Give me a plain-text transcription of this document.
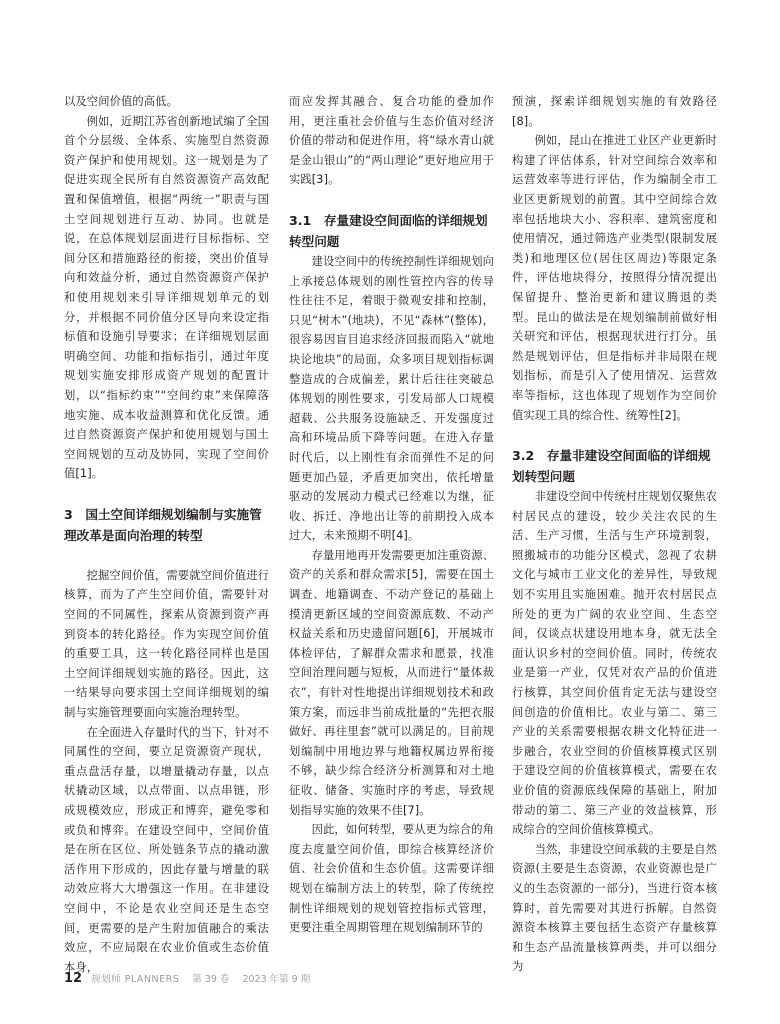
以及空间价值的高低。

例如，近期江苏省创新地试编了全国首个分层级、全体系、实施型自然资源资产保护和使用规划。这一规划是为了促进实现全民所有自然资源资产高效配置和保值增值，根据“两统一”职责与国土空间规划进行互动、协同。也就是说，在总体规划层面进行目标指标、空间分区和措施路径的衔接，突出价值导向和效益分析，通过自然资源资产保护和使用规划来引导详细规划单元的划分，并根据不同价值分区导向来设定指标值和设施引导要求；在详细规划层面明确空间、功能和指标指引，通过年度规划实施安排形成资产规划的配置计划，以“指标约束”“空间约束”来保障落地实施、成本收益测算和优化反馈。通过自然资源资产保护和使用规划与国土空间规划的互动及协同，实现了空间价值[1]。

3　国土空间详细规划编制与实施管理改革是面向治理的转型

挖掘空间价值，需要就空间价值进行核算，而为了产生空间价值，需要针对空间的不同属性，探索从资源到资产再到资本的转化路径。作为实现空间价值的重要工具，这一转化路径同样也是国土空间详细规划实施的路径。因此，这一结果导向要求国土空间详细规划的编制与实施管理要面向实施治理转型。

在全面进入存量时代的当下，针对不同属性的空间，要立足资源资产现状，重点盘活存量，以增量撬动存量，以点状撬动区域，以点带面、以点串链，形成规模效应，形成正和博弈，避免零和或负和博弈。在建设空间中，空间价值是在所在区位、所处链条节点的撬动激活作用下形成的，因此存量与增量的联动效应将大大增强这一作用。在非建设空间中，不论是农业空间还是生态空间，更需要的是产生附加值融合的乘法效应，不应局限在农业价值或生态价值本身，

而应发挥其融合、复合功能的叠加作用，更注重社会价值与生态价值对经济价值的带动和促进作用，将“绿水青山就是金山银山”的“两山理论”更好地应用于实践[3]。

3.1　存量建设空间面临的详细规划转型问题

建设空间中的传统控制性详细规划向上承接总体规划的刚性管控内容的传导性往往不足，着眼于微观安排和控制，只见“树木”(地块)，不见“森林”(整体)，很容易因盲目追求经济回报而陷入“就地块论地块”的局面，众多项目规划指标调整造成的合成偏差，累计后往往突破总体规划的刚性要求，引发局部人口规模超载、公共服务设施缺乏、开发强度过高和环境品质下降等问题。在进入存量时代后，以上刚性有余而弹性不足的问题更加凸显，矛盾更加突出，依托增量驱动的发展动力模式已经难以为继，征收、拆迁、净地出让等的前期投入成本过大，未来预期不明[4]。

存量用地再开发需要更加注重资源、资产的关系和群众需求[5]，需要在国土调查、地籍调查、不动产登记的基础上摸清更新区域的空间资源底数、不动产权益关系和历史遗留问题[6]，开展城市体检评估，了解群众需求和愿景，找准空间治理问题与短板，从而进行“量体裁衣”，有针对性地提出详细规划技术和政策方案，而远非当前成批量的“先把衣服做好、再往里套”就可以满足的。目前规划编制中用地边界与地籍权属边界衔接不够，缺少综合经济分析测算和对土地征收、储备、实施时序的考虑，导致规划指导实施的效果不佳[7]。

因此，如何转型，要从更为综合的角度去度量空间价值，即综合核算经济价值、社会价值和生态价值。这需要详细规划在编制方法上的转型，除了传统控制性详细规划的规划管控指标式管理，更要注重全周期管理在规划编制环节的

预演，探索详细规划实施的有效路径[8]。

例如，昆山在推进工业区产业更新时构建了评估体系，针对空间综合效率和运营效率等进行评估，作为编制全市工业区更新规划的前置。其中空间综合效率包括地块大小、容积率、建筑密度和使用情况，通过筛选产业类型(限制发展类)和地理区位(居住区周边)等限定条件，评估地块得分，按照得分情况提出保留提升、整治更新和建议腾退的类型。昆山的做法是在规划编制前做好相关研究和评估，根据现状进行打分。虽然是规划评估，但是指标并非局限在规划指标，而是引入了使用情况、运营效率等指标，这也体现了规划作为空间价值实现工具的综合性、统筹性[2]。

3.2　存量非建设空间面临的详细规划转型问题

非建设空间中传统村庄规划仅聚焦农村居民点的建设，较少关注农民的生活、生产习惯，生活与生产环境割裂，照搬城市的功能分区模式，忽视了农耕文化与城市工业文化的差异性，导致规划不实用且实施困难。抛开农村居民点所处的更为广阔的农业空间、生态空间，仅谈点状建设用地本身，就无法全面认识乡村的空间价值。同时，传统农业是第一产业，仅凭对农产品的价值进行核算，其空间价值肯定无法与建设空间创造的价值相比。农业与第二、第三产业的关系需要根据农耕文化特征进一步融合，农业空间的价值核算模式区别于建设空间的价值核算模式，需要在农业价值的资源底线保障的基础上，附加带动的第二、第三产业的效益核算，形成综合的空间价值核算模式。

当然，非建设空间承载的主要是自然资源(主要是生态资源，农业资源也是广义的生态资源的一部分)，当进行资本核算时，首先需要对其进行拆解。自然资源资本核算主要包括生态资产存量核算和生态产品流量核算两类，并可以细分为

12 规划师 PLANNERS 第 39 卷 2023 年第 9 期
